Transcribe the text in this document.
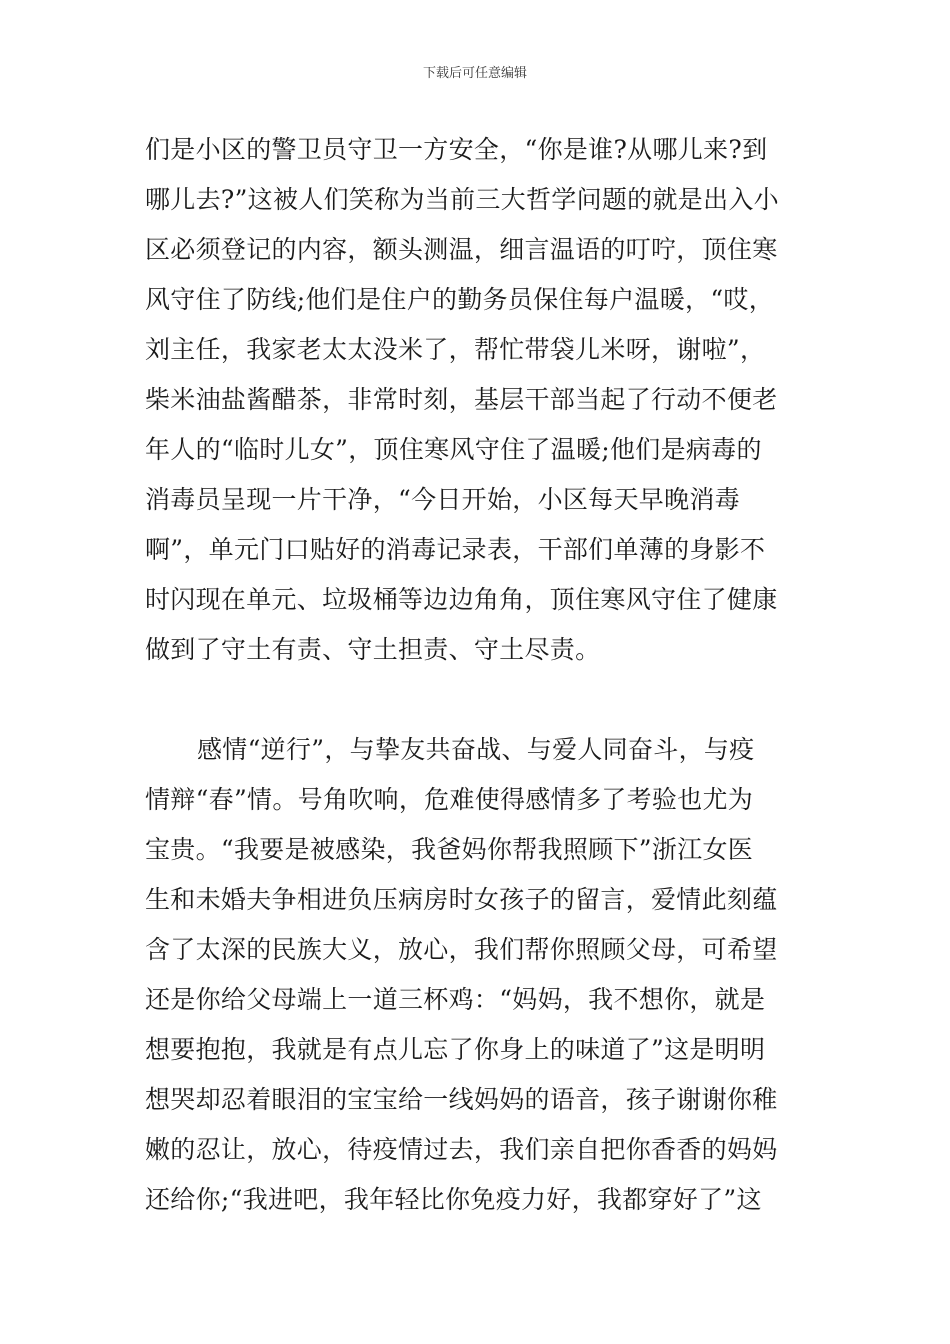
下载后可任意编辑
们是小区的警卫员守卫一方安全，“你是谁?从哪儿来?到
哪儿去?”这被人们笑称为当前三大哲学问题的就是出入小
区必须登记的内容，额头测温，细言温语的叮咛，顶住寒
风守住了防线;他们是住户的勤务员保住每户温暖，“哎，
刘主任，我家老太太没米了，帮忙带袋儿米呀，谢啦”，
柴米油盐酱醋茶，非常时刻，基层干部当起了行动不便老
年人的“临时儿女”，顶住寒风守住了温暖;他们是病毒的
消毒员呈现一片干净，“今日开始，小区每天早晚消毒
啊”，单元门口贴好的消毒记录表，干部们单薄的身影不
时闪现在单元、垃圾桶等边边角角，顶住寒风守住了健康
做到了守土有责、守土担责、守土尽责。
感情“逆行”，与挚友共奋战、与爱人同奋斗，与疫
情辩“春”情。号角吹响，危难使得感情多了考验也尤为
宝贵。“我要是被感染，我爸妈你帮我照顾下”浙江女医
生和未婚夫争相进负压病房时女孩子的留言，爱情此刻蕴
含了太深的民族大义，放心，我们帮你照顾父母，可希望
还是你给父母端上一道三杯鸡：“妈妈，我不想你，就是
想要抱抱，我就是有点儿忘了你身上的味道了”这是明明
想哭却忍着眼泪的宝宝给一线妈妈的语音，孩子谢谢你稚
嫩的忍让，放心，待疫情过去，我们亲自把你香香的妈妈
还给你;“我进吧，我年轻比你免疫力好，我都穿好了”这
